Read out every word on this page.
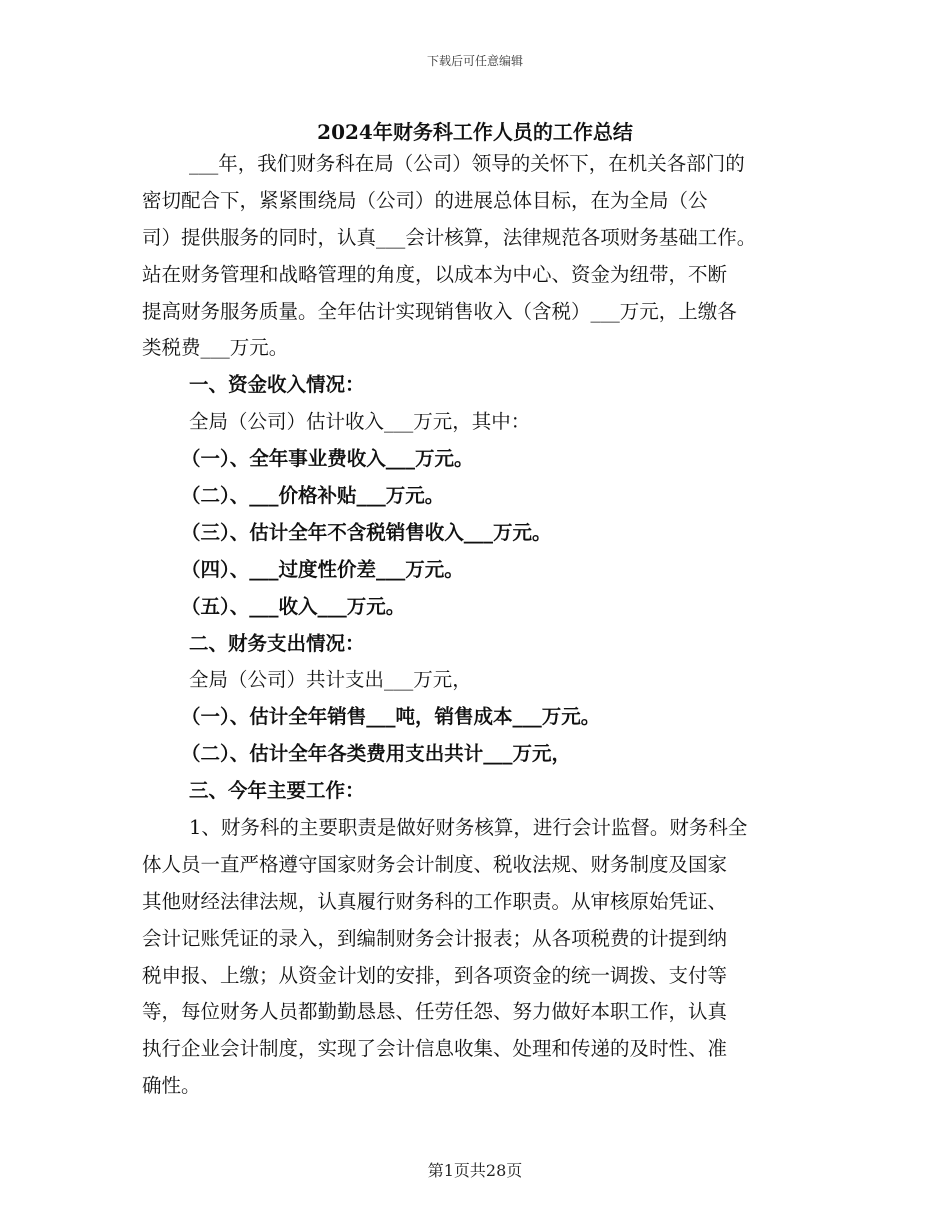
下载后可任意编辑
2024年财务科工作人员的工作总结
___年，我们财务科在局（公司）领导的关怀下，在机关各部门的
密切配合下，紧紧围绕局（公司）的进展总体目标，在为全局（公
司）提供服务的同时，认真___会计核算，法律规范各项财务基础工作。
站在财务管理和战略管理的角度，以成本为中心、资金为纽带，不断
提高财务服务质量。全年估计实现销售收入（含税）___万元，上缴各
类税费___万元。
一、资金收入情况：
全局（公司）估计收入___万元，其中：
（一）、全年事业费收入___万元。
（二）、___价格补贴___万元。
（三）、估计全年不含税销售收入___万元。
（四）、___过度性价差___万元。
（五）、___收入___万元。
二、财务支出情况：
全局（公司）共计支出___万元，
（一）、估计全年销售___吨，销售成本___万元。
（二）、估计全年各类费用支出共计___万元，
三、今年主要工作：
1、财务科的主要职责是做好财务核算，进行会计监督。财务科全
体人员一直严格遵守国家财务会计制度、税收法规、财务制度及国家
其他财经法律法规，认真履行财务科的工作职责。从审核原始凭证、
会计记账凭证的录入，到编制财务会计报表；从各项税费的计提到纳
税申报、上缴；从资金计划的安排，到各项资金的统一调拨、支付等
等，每位财务人员都勤勤恳恳、任劳任怨、努力做好本职工作，认真
执行企业会计制度，实现了会计信息收集、处理和传递的及时性、准
确性。
第1页共28页
